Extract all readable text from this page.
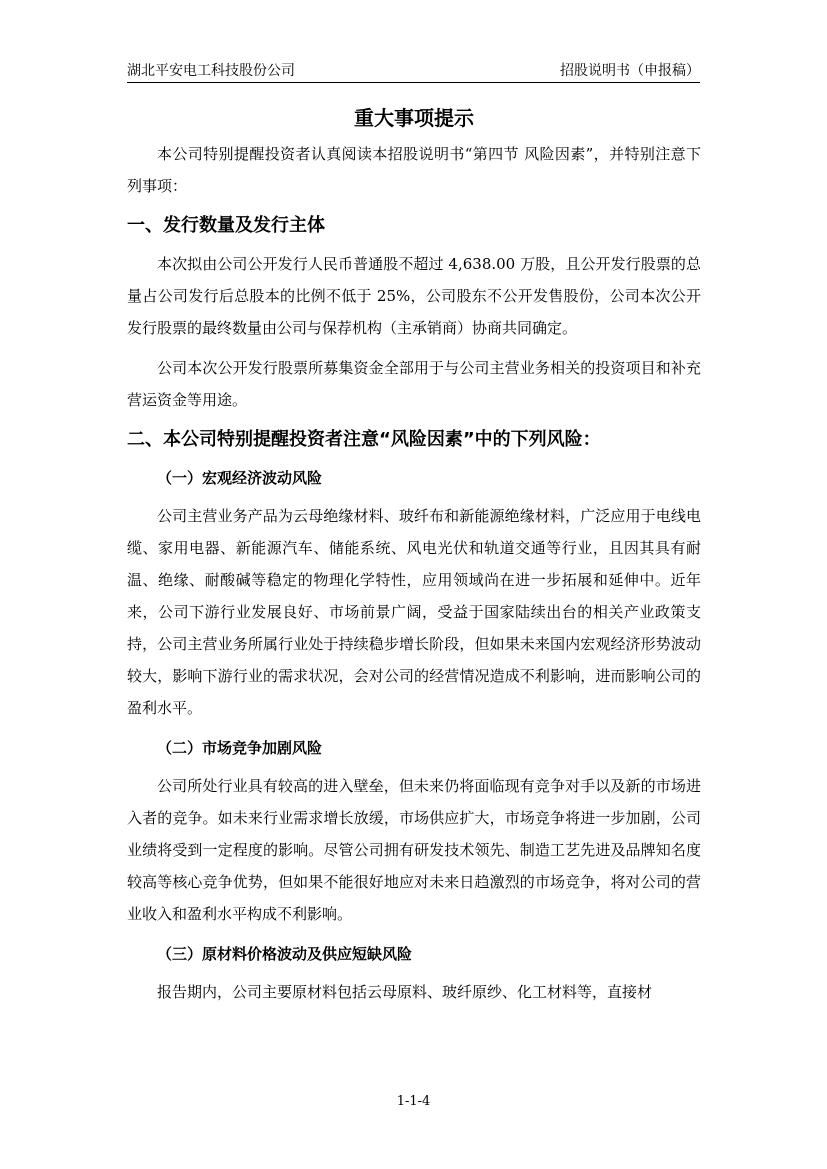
湖北平安电工科技股份公司	招股说明书（申报稿）
重大事项提示

本公司特别提醒投资者认真阅读本招股说明书“第四节 风险因素”，并特别注意下列事项：

一、发行数量及发行主体

本次拟由公司公开发行人民币普通股不超过 4,638.00 万股，且公开发行股票的总量占公司发行后总股本的比例不低于 25%，公司股东不公开发售股份，公司本次公开发行股票的最终数量由公司与保荐机构（主承销商）协商共同确定。

公司本次公开发行股票所募集资金全部用于与公司主营业务相关的投资项目和补充营运资金等用途。

二、本公司特别提醒投资者注意“风险因素”中的下列风险：
（一）宏观经济波动风险

公司主营业务产品为云母绝缘材料、玻纤布和新能源绝缘材料，广泛应用于电线电缆、家用电器、新能源汽车、储能系统、风电光伏和轨道交通等行业，且因其具有耐温、绝缘、耐酸碱等稳定的物理化学特性，应用领域尚在进一步拓展和延伸中。近年来，公司下游行业发展良好、市场前景广阔，受益于国家陆续出台的相关产业政策支持，公司主营业务所属行业处于持续稳步增长阶段，但如果未来国内宏观经济形势波动较大，影响下游行业的需求状况，会对公司的经营情况造成不利影响，进而影响公司的盈利水平。

（二）市场竞争加剧风险

公司所处行业具有较高的进入壁垒，但未来仍将面临现有竞争对手以及新的市场进入者的竞争。如未来行业需求增长放缓，市场供应扩大，市场竞争将进一步加剧，公司业绩将受到一定程度的影响。尽管公司拥有研发技术领先、制造工艺先进及品牌知名度较高等核心竞争优势，但如果不能很好地应对未来日趋激烈的市场竞争，将对公司的营业收入和盈利水平构成不利影响。

（三）原材料价格波动及供应短缺风险

报告期内，公司主要原材料包括云母原料、玻纤原纱、化工材料等，直接材

1-1-4
